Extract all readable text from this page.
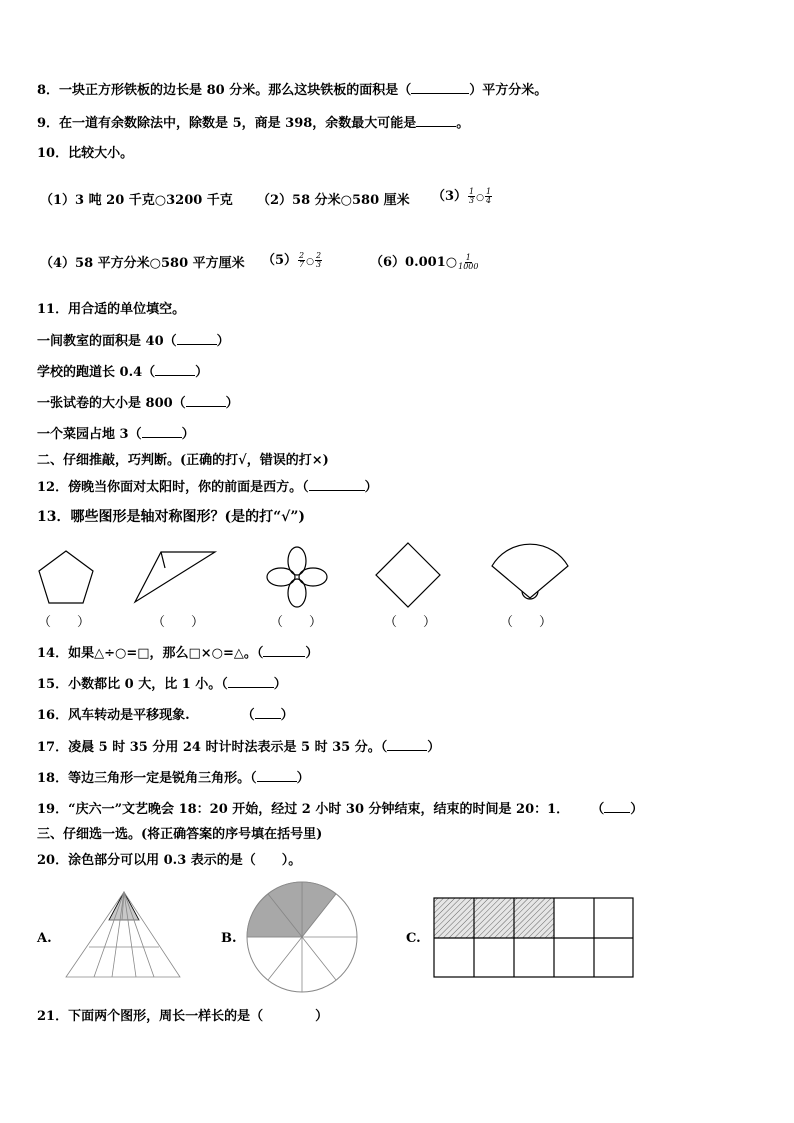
8．一块正方形铁板的边长是 80 分米。那么这块铁板的面积是（	）平方分米。
9．在一道有余数除法中，除数是 5，商是 398，余数最大可能是	。
10．比较大小。
（1）3 吨 20 千克○3200 千克 （2）58 分米○580 厘米 $(3) \frac{1}{3}$ ○ $\frac{1}{4}$
（4）58 平方分米○580 平方厘米 $(5) \frac{2}{7}$ ○ $\frac{2}{3}$	（6）0.001○ $\frac{1}{1000}$
11．用合适的单位填空。
一间教室的面积是 40（	）
学校的跑道长 0.4（	）
一张试卷的大小是 800（	）
一个菜园占地 3（	）
二、仔细推敲，巧判断。(正确的打√，错误的打×)
12．傍晚当你面对太阳时，你的前面是西方。（	）
13．哪些图形是轴对称图形？(是的打“√”)
（　　）	（　　）	（　　）	（　　）	（　　）
14．如果△÷○=□，那么□×○=△。（	）
15．小数都比 0 大，比 1 小。（	）
16．风车转动是平移现象.	（ ）
17．凌晨 5 时 35 分用 24 时计时法表示是 5 时 35 分。（	）
18．等边三角形一定是锐角三角形。（	）
19．“庆六一”文艺晚会 18：20 开始，经过 2 小时 30 分钟结束，结束的时间是 20：1． （ ）
三、仔细选一选。(将正确答案的序号填在括号里)
20．涂色部分可以用 0.3 表示的是（　　）。
A.	B.	C.
21．下面两个图形，周长一样长的是（　　　　）
